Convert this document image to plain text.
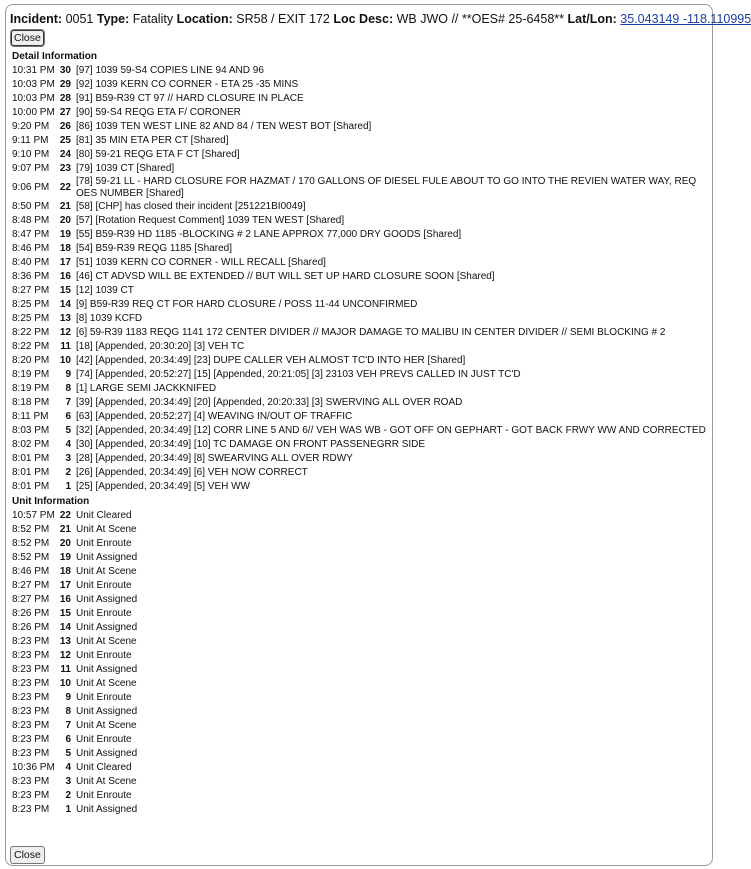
Incident: 0051 Type: Fatality Location: SR58 / EXIT 172 Loc Desc: WB JWO // **OES# 25-6458** Lat/Lon: 35.043149 -118.110995
Close
Detail Information
10:31 PM 30 [97] 1039 59-S4 COPIES LINE 94 AND 96
10:03 PM 29 [92] 1039 KERN CO CORNER - ETA 25 -35 MINS
10:03 PM 28 [91] B59-R39 CT 97 // HARD CLOSURE IN PLACE
10:00 PM 27 [90] 59-S4 REQG ETA F/ CORONER
9:20 PM	26 [86] 1039 TEN WEST LINE 82 AND 84 / TEN WEST BOT [Shared]
9:11 PM	25 [81] 35 MIN ETA PER CT [Shared]
9:10 PM	24 [80] 59-21 REQG ETA F CT [Shared]
9:07 PM	23 [79] 1039 CT [Shared]
9:06 PM	22
[78] 59-21 LL - HARD CLOSURE FOR HAZMAT / 170 GALLONS OF DIESEL FULE ABOUT TO GO INTO THE REVIEN WATER WAY, REQ OES NUMBER [Shared]
8:50 PM	21 [58] [CHP] has closed their incident [251221BI0049]
8:48 PM	20 [57] [Rotation Request Comment] 1039 TEN WEST [Shared]
8:47 PM	19 [55] B59-R39 HD 1185 -BLOCKING # 2 LANE APPROX 77,000 DRY GOODS [Shared]
8:46 PM	18 [54] B59-R39 REQG 1185 [Shared]
8:40 PM	17 [51] 1039 KERN CO CORNER - WILL RECALL [Shared]
8:36 PM	16 [46] CT ADVSD WILL BE EXTENDED // BUT WILL SET UP HARD CLOSURE SOON [Shared]
8:27 PM	15 [12] 1039 CT
8:25 PM	14 [9] B59-R39 REQ CT FOR HARD CLOSURE / POSS 11-44 UNCONFIRMED
8:25 PM	13 [8] 1039 KCFD
8:22 PM	12 [6] 59-R39 1183 REQG 1141 172 CENTER DIVIDER // MAJOR DAMAGE TO MALIBU IN CENTER DIVIDER // SEMI BLOCKING # 2
8:22 PM	11 [18] [Appended, 20:30:20] [3] VEH TC
8:20 PM	10 [42] [Appended, 20:34:49] [23] DUPE CALLER VEH ALMOST TC'D INTO HER [Shared]
8:19 PM	9 [74] [Appended, 20:52:27] [15] [Appended, 20:21:05] [3] 23103 VEH PREVS CALLED IN JUST TC'D
8:19 PM	8 [1] LARGE SEMI JACKKNIFED
8:18 PM	7 [39] [Appended, 20:34:49] [20] [Appended, 20:20:33] [3] SWERVING ALL OVER ROAD
8:11 PM	6 [63] [Appended, 20:52:27] [4] WEAVING IN/OUT OF TRAFFIC
8:03 PM	5 [32] [Appended, 20:34:49] [12] CORR LINE 5 AND 6// VEH WAS WB - GOT OFF ON GEPHART - GOT BACK FRWY WW AND CORRECTED
8:02 PM	4 [30] [Appended, 20:34:49] [10] TC DAMAGE ON FRONT PASSENEGRR SIDE
8:01 PM	3 [28] [Appended, 20:34:49] [8] SWEARVING ALL OVER RDWY
8:01 PM	2 [26] [Appended, 20:34:49] [6] VEH NOW CORRECT
8:01 PM	1 [25] [Appended, 20:34:49] [5] VEH WW
Unit Information
10:57 PM 22 Unit Cleared
8:52 PM	21 Unit At Scene
8:52 PM	20 Unit Enroute
8:52 PM	19 Unit Assigned
8:46 PM	18 Unit At Scene
8:27 PM	17 Unit Enroute
8:27 PM	16 Unit Assigned
8:26 PM	15 Unit Enroute
8:26 PM	14 Unit Assigned
8:23 PM	13 Unit At Scene
8:23 PM	12 Unit Enroute
8:23 PM	11 Unit Assigned
8:23 PM	10 Unit At Scene
8:23 PM	9 Unit Enroute
8:23 PM	8 Unit Assigned
8:23 PM	7 Unit At Scene
8:23 PM	6 Unit Enroute
8:23 PM	5 Unit Assigned
10:36 PM	4 Unit Cleared
8:23 PM	3 Unit At Scene
8:23 PM	2 Unit Enroute
8:23 PM	1 Unit Assigned
Close
